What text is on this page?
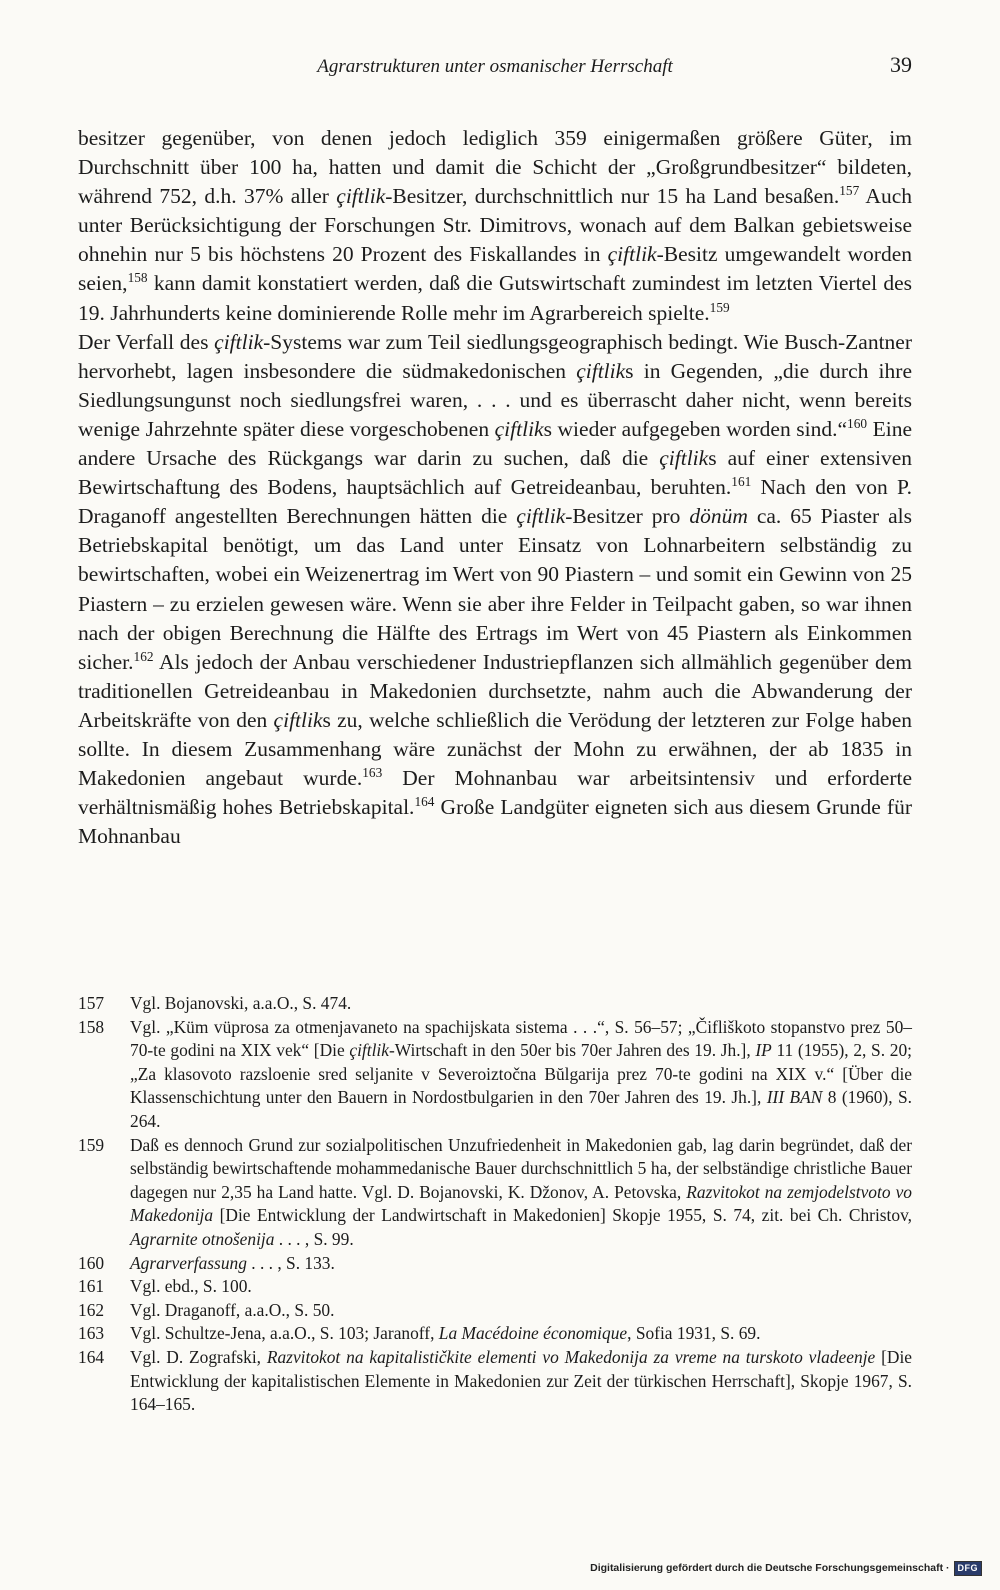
Agrarstrukturen unter osmanischer Herrschaft	39

besitzer gegenüber, von denen jedoch lediglich 359 einigermaßen größere Güter, im Durchschnitt über 100 ha, hatten und damit die Schicht der „Großgrundbesitzer“ bildeten, während 752, d.h. 37% aller çiftlik-Besitzer, durchschnittlich nur 15 ha Land besaßen.$^{157}$ Auch unter Berücksichtigung der Forschungen Str. Dimitrovs, wonach auf dem Balkan gebietsweise ohnehin nur 5 bis höchstens 20 Prozent des Fiskallandes in çiftlik-Besitz umgewandelt worden seien,$^{158}$ kann damit konstatiert werden, daß die Gutswirtschaft zumindest im letzten Viertel des 19. Jahrhunderts keine dominierende Rolle mehr im Agrarbereich spielte.$^{159}$

Der Verfall des çiftlik-Systems war zum Teil siedlungsgeographisch bedingt. Wie Busch-Zantner hervorhebt, lagen insbesondere die südmakedonischen çiftliks in Gegenden, „die durch ihre Siedlungsungunst noch siedlungsfrei waren, . . . und es überrascht daher nicht, wenn bereits wenige Jahrzehnte später diese vorgeschobenen çiftliks wieder aufgegeben worden sind.“$^{160}$ Eine andere Ursache des Rückgangs war darin zu suchen, daß die çiftliks auf einer extensiven Bewirtschaftung des Bodens, hauptsächlich auf Getreideanbau, beruhten.$^{161}$ Nach den von P. Draganoff angestellten Berechnungen hätten die çiftlik-Besitzer pro dönüm ca. 65 Piaster als Betriebskapital benötigt, um das Land unter Einsatz von Lohnarbeitern selbständig zu bewirtschaften, wobei ein Weizenertrag im Wert von 90 Piastern – und somit ein Gewinn von 25 Piastern – zu erzielen gewesen wäre. Wenn sie aber ihre Felder in Teilpacht gaben, so war ihnen nach der obigen Berechnung die Hälfte des Ertrags im Wert von 45 Piastern als Einkommen sicher.$^{162}$ Als jedoch der Anbau verschiedener Industriepflanzen sich allmählich gegenüber dem traditionellen Getreideanbau in Makedonien durchsetzte, nahm auch die Abwanderung der Arbeitskräfte von den çiftliks zu, welche schließlich die Verödung der letzteren zur Folge haben sollte. In diesem Zusammenhang wäre zunächst der Mohn zu erwähnen, der ab 1835 in Makedonien angebaut wurde.$^{163}$ Der Mohnanbau war arbeitsintensiv und erforderte verhältnismäßig hohes Betriebskapital.$^{164}$ Große Landgüter eigneten sich aus diesem Grunde für Mohnanbau

157	Vgl. Bojanovski, a.a.O., S. 474.
158	Vgl. „Küm vüprosa za otmenjavaneto na spachijskata sistema . . .“, S. 56–57; „Čifliškoto stopanstvo prez 50–70-te godini na XIX vek“ [Die çiftlik-Wirtschaft in den 50er bis 70er Jahren des 19. Jh.], IP 11 (1955), 2, S. 20; „Za klasovoto razsloenie sred seljanite v Severoiztočna Bŭlgarija prez 70-te godini na XIX v.“ [Über die Klassenschichtung unter den Bauern in Nordostbulgarien in den 70er Jahren des 19. Jh.], III BAN 8 (1960), S. 264.
159	Daß es dennoch Grund zur sozialpolitischen Unzufriedenheit in Makedonien gab, lag darin begründet, daß der selbständig bewirtschaftende mohammedanische Bauer durchschnittlich 5 ha, der selbständige christliche Bauer dagegen nur 2,35 ha Land hatte. Vgl. D. Bojanovski, K. Džonov, A. Petovska, Razvitokot na zemjodelstvoto vo Makedonija [Die Entwicklung der Landwirtschaft in Makedonien] Skopje 1955, S. 74, zit. bei Ch. Christov, Agrarnite otnošenija . . . , S. 99.
160	Agrarverfassung . . . , S. 133.
161	Vgl. ebd., S. 100.
162	Vgl. Draganoff, a.a.O., S. 50.
163	Vgl. Schultze-Jena, a.a.O., S. 103; Jaranoff, La Macédoine économique, Sofia 1931, S. 69.
164	Vgl. D. Zografski, Razvitokot na kapitalističkite elementi vo Makedonija za vreme na turskoto vladeenje [Die Entwicklung der kapitalistischen Elemente in Makedonien zur Zeit der türkischen Herrschaft], Skopje 1967, S. 164–165.
Digitalisierung gefördert durch die Deutsche Forschungsgemeinschaft · DFG
